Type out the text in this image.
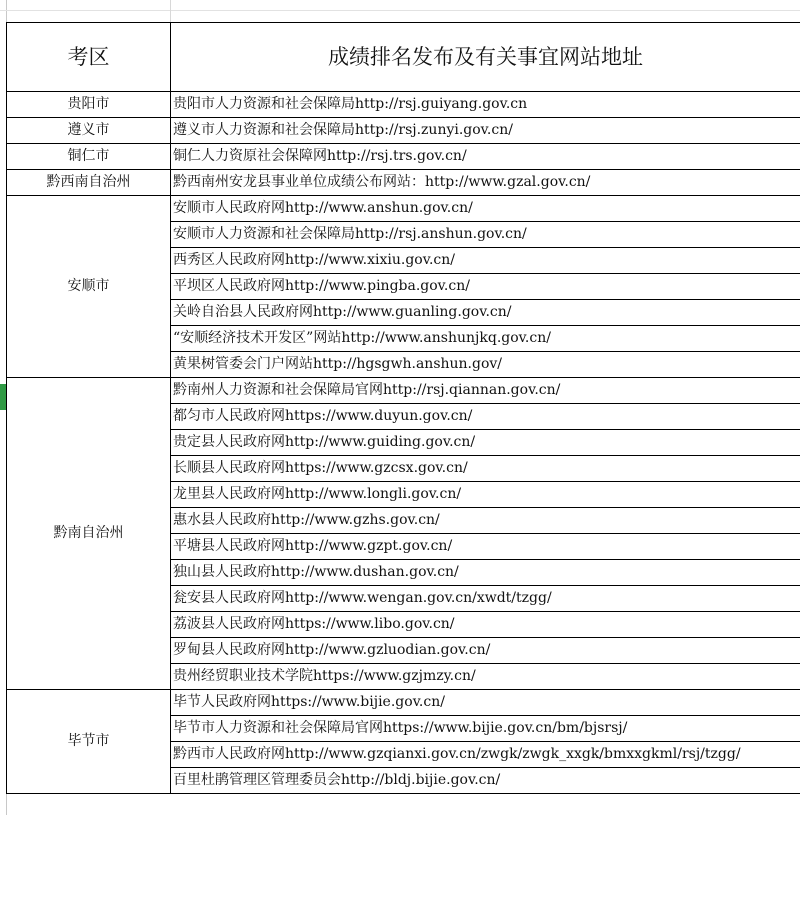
考区	成绩排名发布及有关事宜网站地址
贵阳市	贵阳市人力资源和社会保障局http://rsj.guiyang.gov.cn
遵义市	遵义市人力资源和社会保障局http://rsj.zunyi.gov.cn/
铜仁市	铜仁人力资原社会保障网http://rsj.trs.gov.cn/
黔西南自治州	黔西南州安龙县事业单位成绩公布网站：http://www.gzal.gov.cn/
安顺市	安顺市人民政府网http://www.anshun.gov.cn/
	安顺市人力资源和社会保障局http://rsj.anshun.gov.cn/
	西秀区人民政府网http://www.xixiu.gov.cn/
	平坝区人民政府网http://www.pingba.gov.cn/
	关岭自治县人民政府网http://www.guanling.gov.cn/
	“安顺经济技术开发区”网站http://www.anshunjkq.gov.cn/
	黄果树管委会门户网站http://hgsgwh.anshun.gov/
黔南自治州	黔南州人力资源和社会保障局官网http://rsj.qiannan.gov.cn/
	都匀市人民政府网https://www.duyun.gov.cn/
	贵定县人民政府网http://www.guiding.gov.cn/
	长顺县人民政府网https://www.gzcsx.gov.cn/
	龙里县人民政府网http://www.longli.gov.cn/
	惠水县人民政府http://www.gzhs.gov.cn/
	平塘县人民政府网http://www.gzpt.gov.cn/
	独山县人民政府http://www.dushan.gov.cn/
	瓮安县人民政府网http://www.wengan.gov.cn/xwdt/tzgg/
	荔波县人民政府网https://www.libo.gov.cn/
	罗甸县人民政府网http://www.gzluodian.gov.cn/
	贵州经贸职业技术学院https://www.gzjmzy.cn/
毕节市	毕节人民政府网https://www.bijie.gov.cn/
	毕节市人力资源和社会保障局官网https://www.bijie.gov.cn/bm/bjsrsj/
	黔西市人民政府网http://www.gzqianxi.gov.cn/zwgk/zwgk_xxgk/bmxxgkml/rsj/tzgg/
	百里杜鹃管理区管理委员会http://bldj.bijie.gov.cn/
